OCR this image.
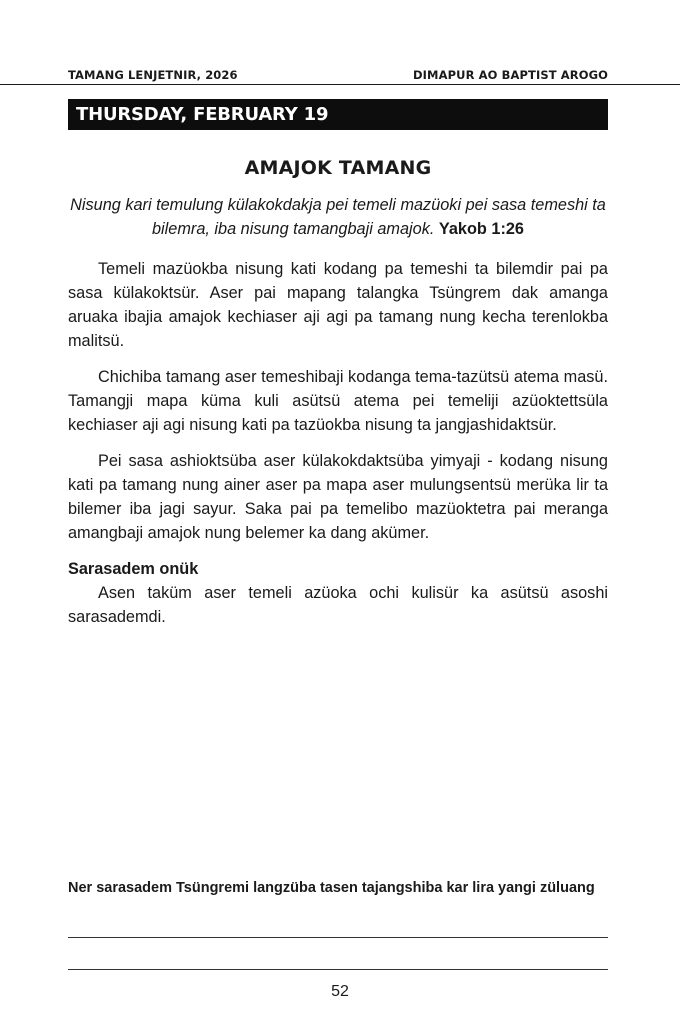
TAMANG LENJETNIR, 2026	DIMAPUR AO BAPTIST AROGO
THURSDAY, FEBRUARY 19
AMAJOK TAMANG
Nisung kari temulung külakokdakja pei temeli mazüoki pei sasa temeshi ta bilemra, iba nisung tamangbaji amajok. Yakob 1:26

Temeli mazüokba nisung kati kodang pa temeshi ta bilemdir pai pa sasa külakoktsür. Aser pai mapang talangka Tsüngrem dak amanga aruaka ibajia amajok kechiaser aji agi pa tamang nung kecha terenlokba malitsü.

Chichiba tamang aser temeshibaji kodanga tema-tazütsü atema masü. Tamangji mapa küma kuli asütsü atema pei temeliji azüoktettsüla kechiaser aji agi nisung kati pa tazüokba nisung ta jangjashidaktsür.

Pei sasa ashioktsüba aser külakokdaktsüba yimyaji - kodang nisung kati pa tamang nung ainer aser pa mapa aser mulungsentsü merüka lir ta bilemer iba jagi sayur. Saka pai pa temelibo mazüoktetra pai meranga amangbaji amajok nung belemer ka dang akümer.

Sarasadem onük

Asen taküm aser temeli azüoka ochi kulisür ka asütsü asoshi sarasademdi.

Ner sarasadem Tsüngremi langzüba tasen tajangshiba kar lira yangi züluang
52
